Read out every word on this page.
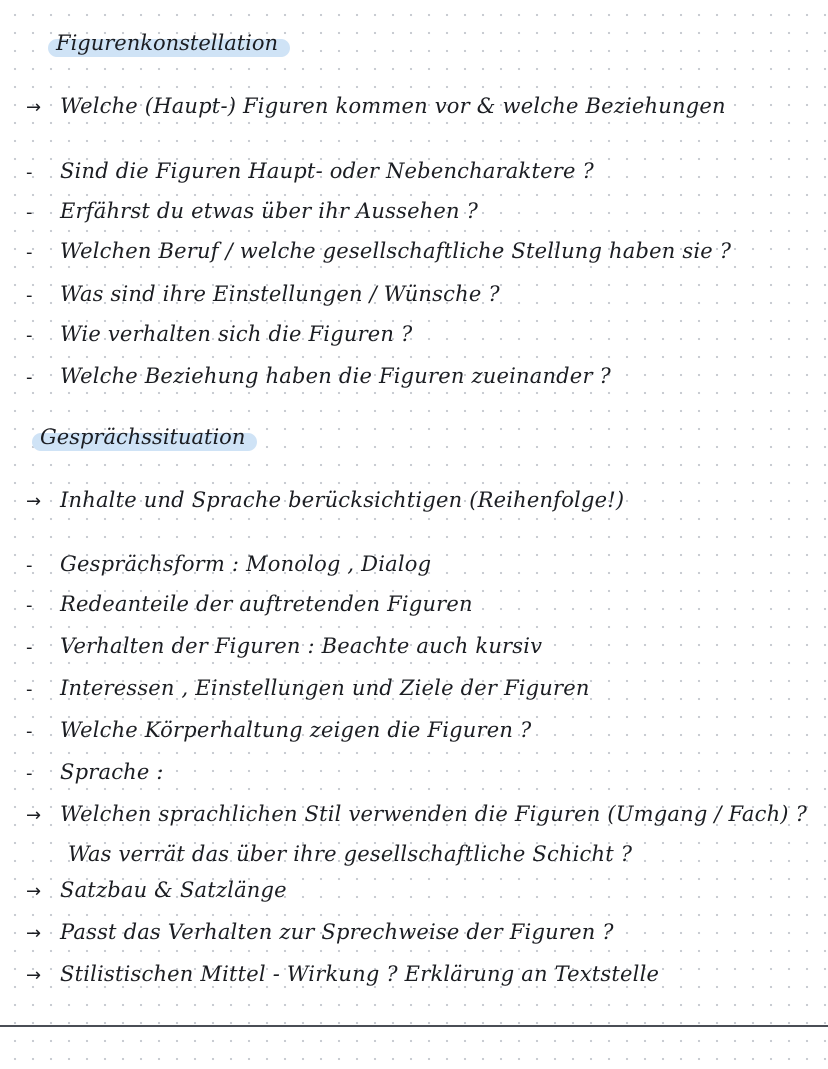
Figurenkonstellation
→ Welche (Haupt-) Figuren kommen vor & welche Beziehungen
- Sind die Figuren Haupt- oder Nebencharaktere ?
- Erfährst du etwas über ihr Aussehen ?
- Welchen Beruf / welche gesellschaftliche Stellung haben sie ?
- Was sind ihre Einstellungen / Wünsche ?
- Wie verhalten sich die Figuren ?
- Welche Beziehung haben die Figuren zueinander ?
Gesprächssituation
→ Inhalte und Sprache berücksichtigen (Reihenfolge!)
- Gesprächsform : Monolog , Dialog
- Redeanteile der auftretenden Figuren
- Verhalten der Figuren : Beachte auch kursiv
- Interessen , Einstellungen und Ziele der Figuren
- Welche Körperhaltung zeigen die Figuren ?
- Sprache :
→ Welchen sprachlichen Stil verwenden die Figuren (Umgang / Fach) ?
Was verrät das über ihre gesellschaftliche Schicht ?
→ Satzbau & Satzlänge
→ Passt das Verhalten zur Sprechweise der Figuren ?
→ Stilistischen Mittel - Wirkung ? Erklärung an Textstelle
